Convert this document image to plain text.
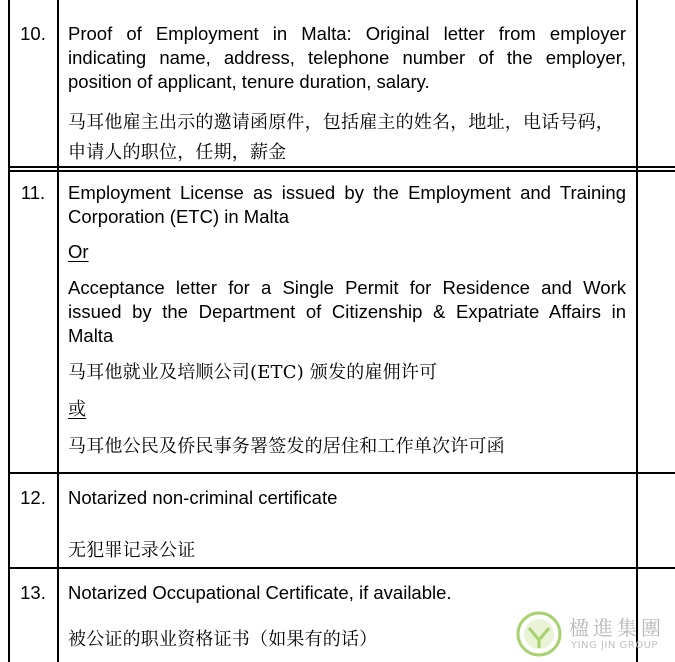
10.	Proof of Employment in Malta: Original letter from employer indicating name, address, telephone number of the employer, position of applicant, tenure duration, salary.

马耳他雇主出示的邀请函原件，包括雇主的姓名，地址，电话号码，申请人的职位，任期，薪金

11.	Employment License as issued by the Employment and Training Corporation (ETC) in Malta

Or

Acceptance letter for a Single Permit for Residence and Work issued by the Department of Citizenship & Expatriate Affairs in Malta

马耳他就业及培顺公司(ETC) 颁发的雇佣许可

或

马耳他公民及侨民事务署签发的居住和工作单次许可函

12.	Notarized non-criminal certificate

无犯罪记录公证

13.	Notarized Occupational Certificate, if available.

被公证的职业资格证书（如果有的话）	楹進集團
YING JIN GROUP
